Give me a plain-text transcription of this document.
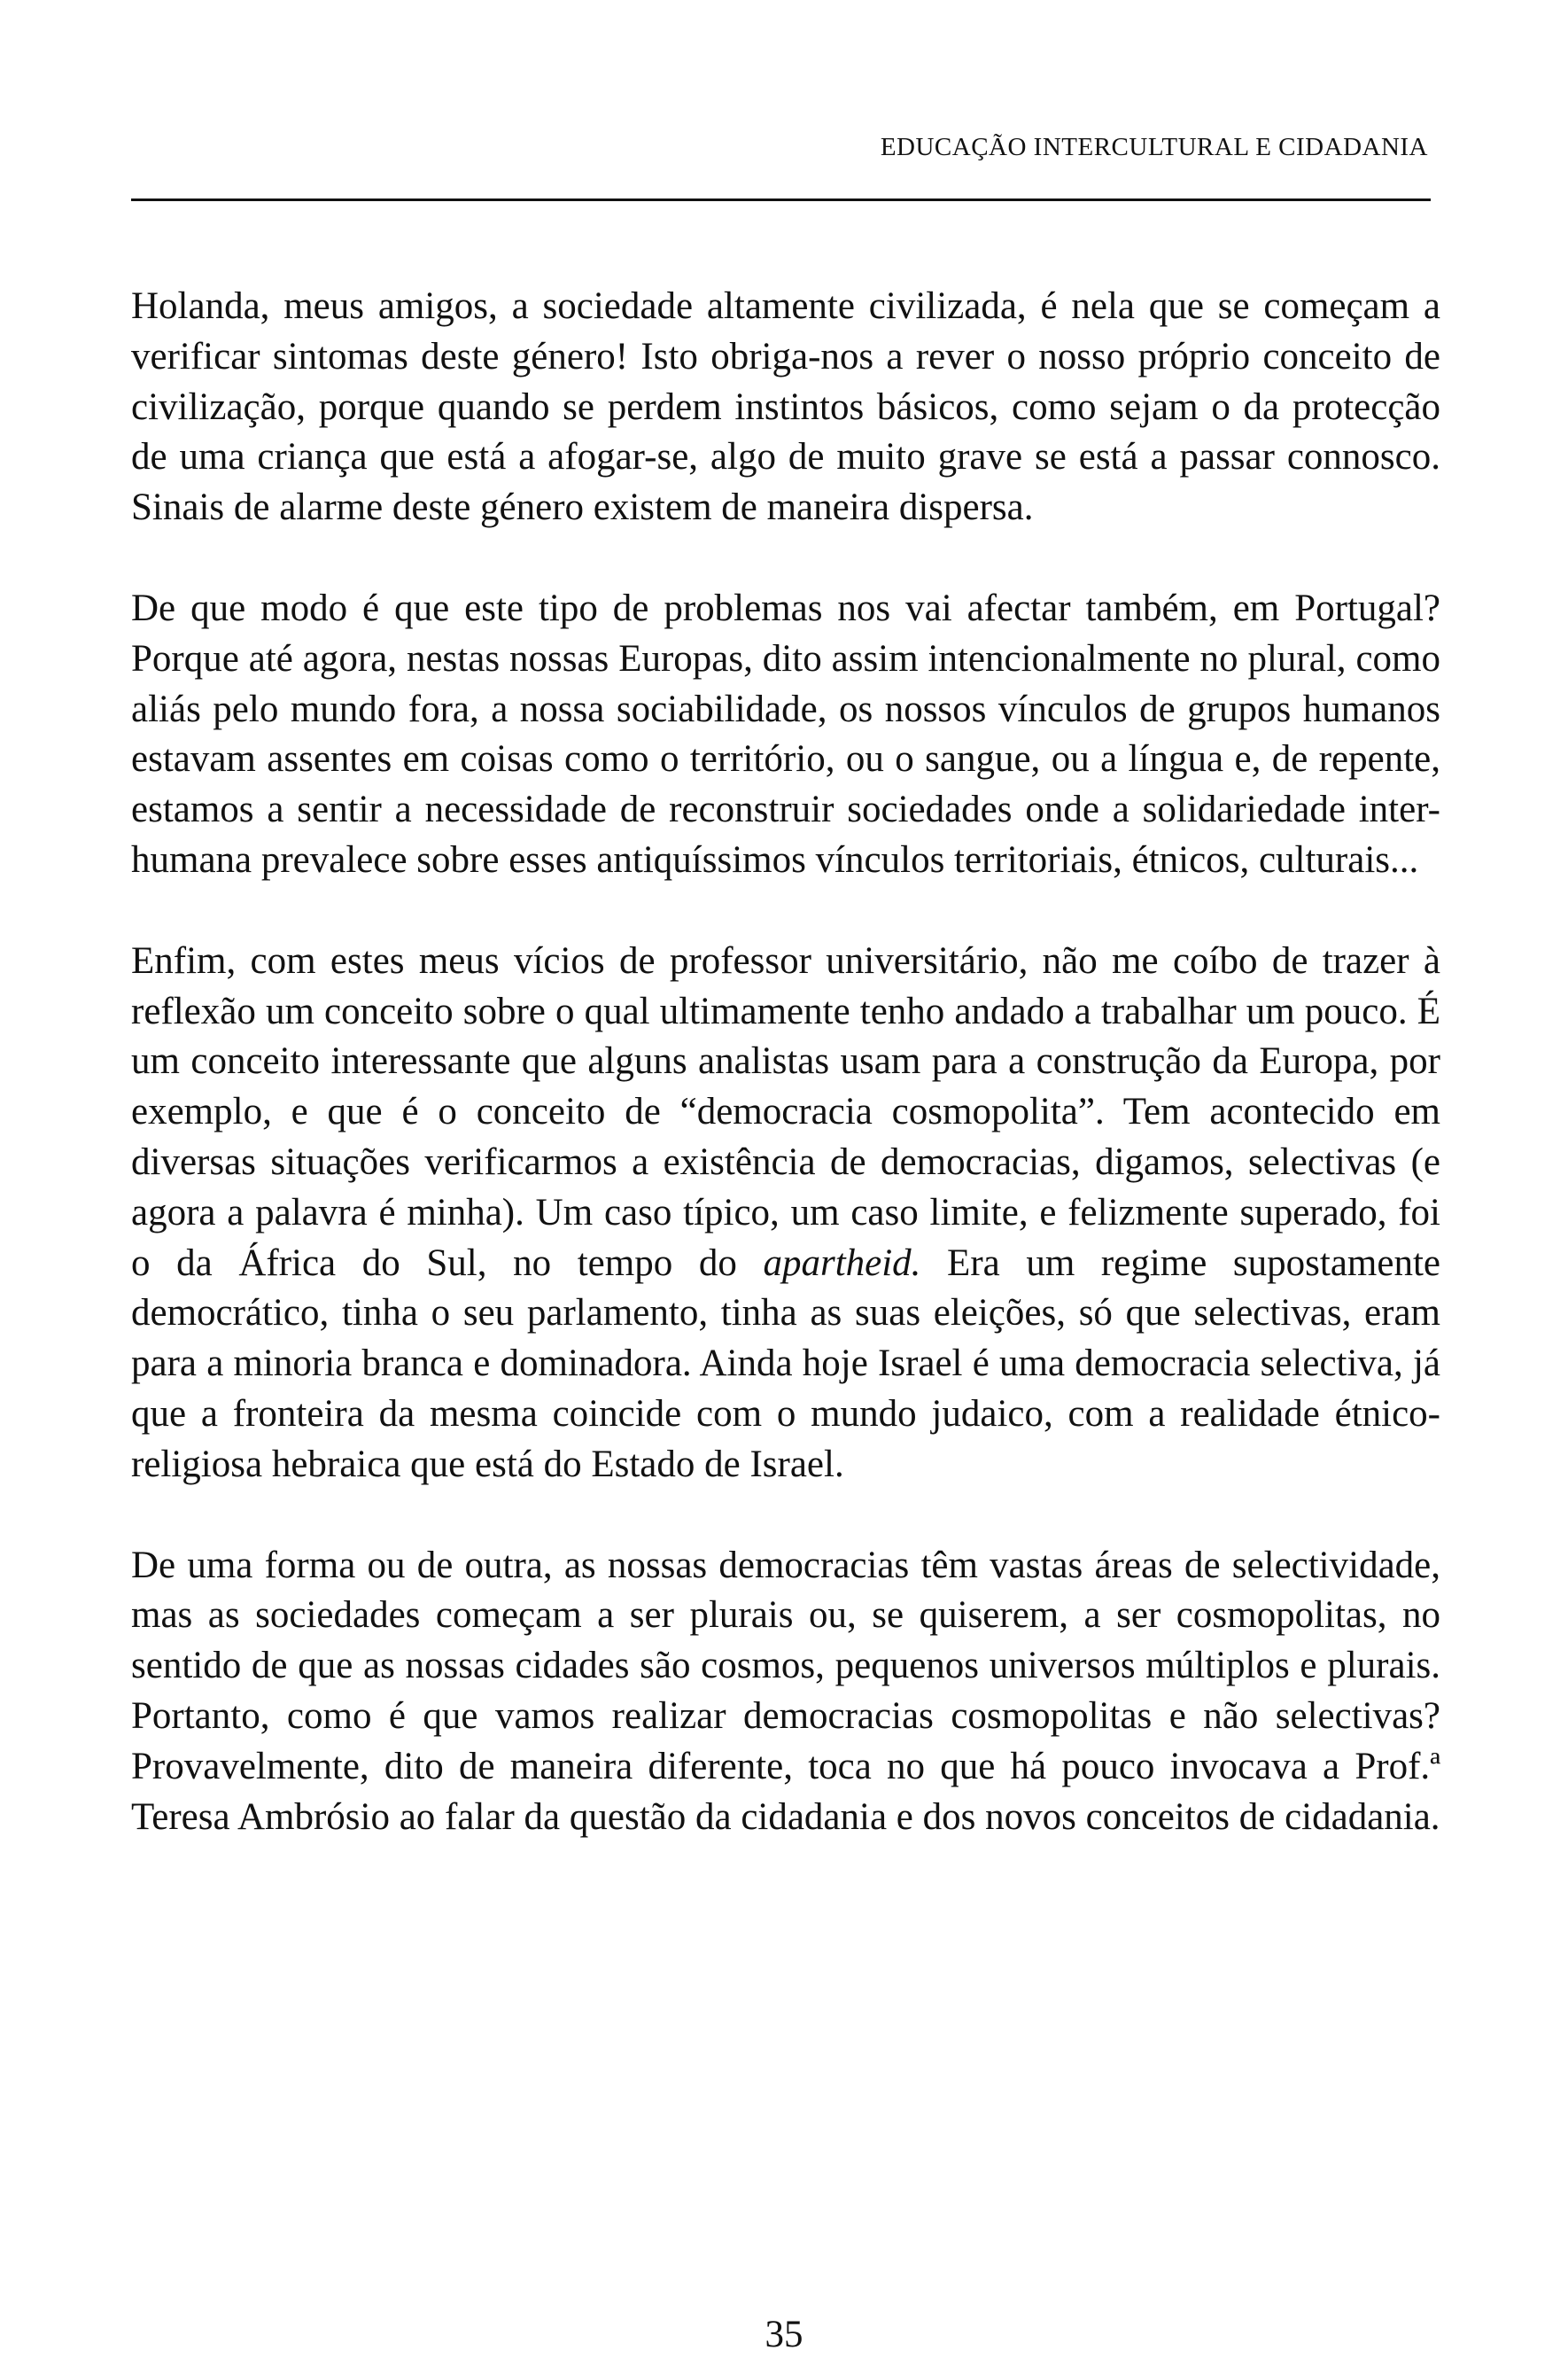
EDUCAÇÃO INTERCULTURAL E CIDADANIA

Holanda, meus amigos, a sociedade altamente civilizada, é nela que se começam a verificar sintomas deste género! Isto obriga-nos a rever o nosso próprio conceito de civilização, porque quando se perdem instintos básicos, como sejam o da protecção de uma criança que está a afogar-se, algo de muito grave se está a passar connosco. Sinais de alarme deste género existem de maneira dispersa.

De que modo é que este tipo de problemas nos vai afectar também, em Portugal? Porque até agora, nestas nossas Europas, dito assim intencionalmente no plural, como aliás pelo mundo fora, a nossa sociabilidade, os nossos vínculos de grupos humanos estavam assentes em coisas como o território, ou o sangue, ou a língua e, de repente, estamos a sentir a necessidade de reconstruir sociedades onde a solidariedade inter-humana prevalece sobre esses antiquíssimos vínculos territoriais, étnicos, culturais...

Enfim, com estes meus vícios de professor universitário, não me coíbo de trazer à reflexão um conceito sobre o qual ultimamente tenho andado a trabalhar um pouco. É um conceito interessante que alguns analistas usam para a construção da Europa, por exemplo, e que é o conceito de “democracia cosmopolita”. Tem acontecido em diversas situações verificarmos a existência de democracias, digamos, selectivas (e agora a palavra é minha). Um caso típico, um caso limite, e felizmente superado, foi o da África do Sul, no tempo do apartheid. Era um regime supostamente democrático, tinha o seu parlamento, tinha as suas eleições, só que selectivas, eram para a minoria branca e dominadora. Ainda hoje Israel é uma democracia selectiva, já que a fronteira da mesma coincide com o mundo judaico, com a realidade étnico-religiosa hebraica que está do Estado de Israel.

De uma forma ou de outra, as nossas democracias têm vastas áreas de selectividade, mas as sociedades começam a ser plurais ou, se quiserem, a ser cosmopolitas, no sentido de que as nossas cidades são cosmos, pequenos universos múltiplos e plurais. Portanto, como é que vamos realizar democracias cosmopolitas e não selectivas? Provavelmente, dito de maneira diferente, toca no que há pouco invocava a Prof.ª Teresa Ambrósio ao falar da questão da cidadania e dos novos conceitos de cidadania.

35
